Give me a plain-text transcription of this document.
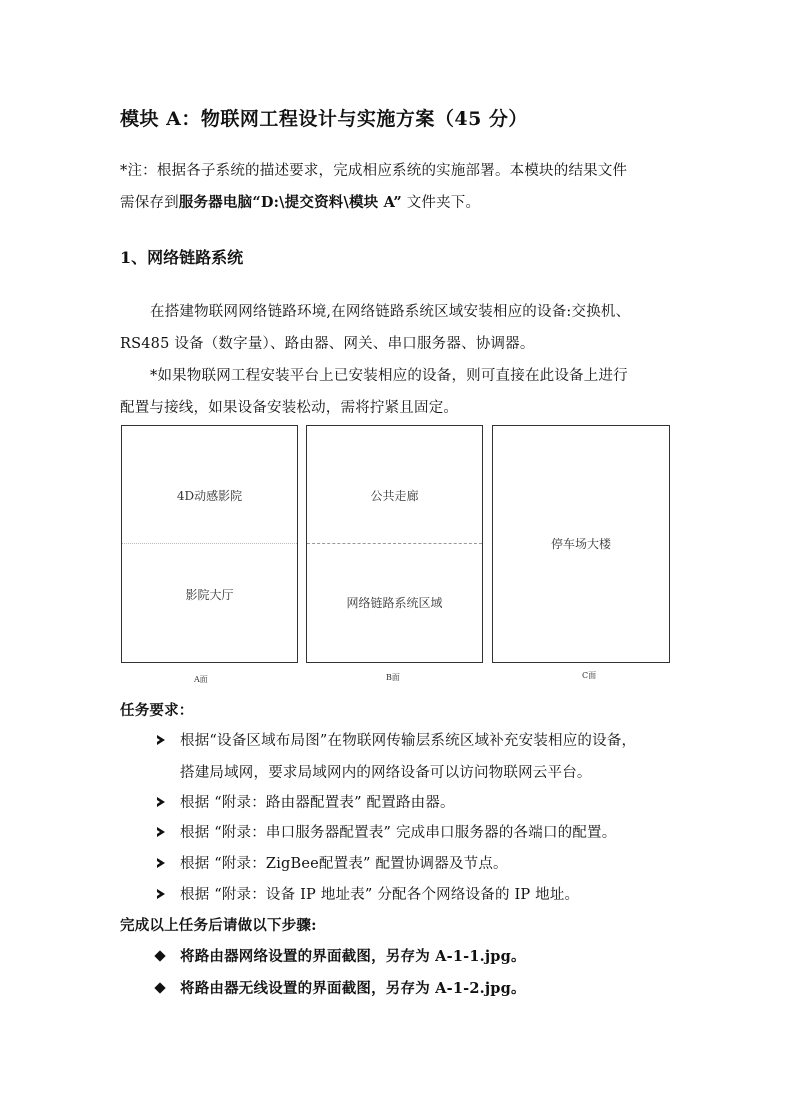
模块 A：物联网工程设计与实施方案（45 分）
*注：根据各子系统的描述要求，完成相应系统的实施部署。本模块的结果文件
需保存到服务器电脑“D:\提交资料\模块 A” 文件夹下。
1、网络链路系统
在搭建物联网网络链路环境,在网络链路系统区域安装相应的设备:交换机、
RS485 设备（数字量）、路由器、网关、串口服务器、协调器。
*如果物联网工程安装平台上已安装相应的设备，则可直接在此设备上进行
配置与接线，如果设备安装松动，需将拧紧且固定。
4D动感影院
影院大厅
A面
公共走廊
网络链路系统区域
B面
停车场大楼
C面
任务要求：
根据“设备区域布局图”在物联网传输层系统区域补充安装相应的设备，
搭建局域网，要求局域网内的网络设备可以访问物联网云平台。
根据 “附录：路由器配置表” 配置路由器。
根据 “附录：串口服务器配置表” 完成串口服务器的各端口的配置。
根据 “附录：ZigBee配置表” 配置协调器及节点。
根据 “附录：设备 IP 地址表” 分配各个网络设备的 IP 地址。
完成以上任务后请做以下步骤:
将路由器网络设置的界面截图，另存为 A-1-1.jpg。
将路由器无线设置的界面截图，另存为 A-1-2.jpg。
